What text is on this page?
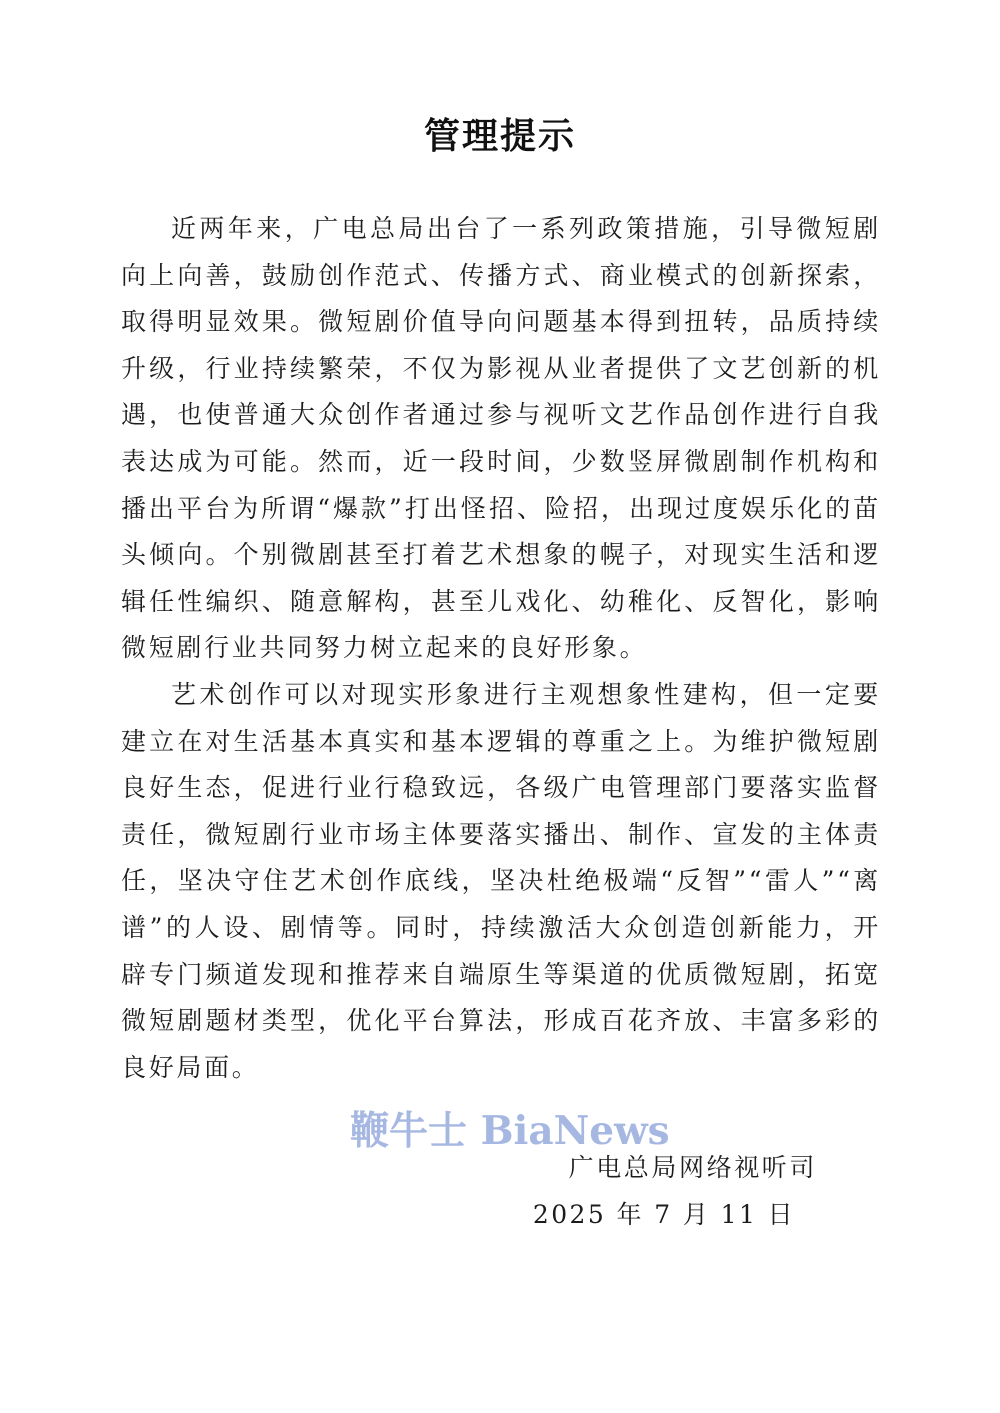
管理提示

近两年来，广电总局出台了一系列政策措施，引导微短剧向上向善，鼓励创作范式、传播方式、商业模式的创新探索，取得明显效果。微短剧价值导向问题基本得到扭转，品质持续升级，行业持续繁荣，不仅为影视从业者提供了文艺创新的机遇，也使普通大众创作者通过参与视听文艺作品创作进行自我表达成为可能。然而，近一段时间，少数竖屏微剧制作机构和播出平台为所谓“爆款”打出怪招、险招，出现过度娱乐化的苗头倾向。个别微剧甚至打着艺术想象的幌子，对现实生活和逻辑任性编织、随意解构，甚至儿戏化、幼稚化、反智化，影响微短剧行业共同努力树立起来的良好形象。

艺术创作可以对现实形象进行主观想象性建构，但一定要建立在对生活基本真实和基本逻辑的尊重之上。为维护微短剧良好生态，促进行业行稳致远，各级广电管理部门要落实监督责任，微短剧行业市场主体要落实播出、制作、宣发的主体责任，坚决守住艺术创作底线，坚决杜绝极端“反智”“雷人”“离谱”的人设、剧情等。同时，持续激活大众创造创新能力，开辟专门频道发现和推荐来自端原生等渠道的优质微短剧，拓宽微短剧题材类型，优化平台算法，形成百花齐放、丰富多彩的良好局面。

鞭牛士 BiaNews
广电总局网络视听司
2025 年 7 月 11 日
